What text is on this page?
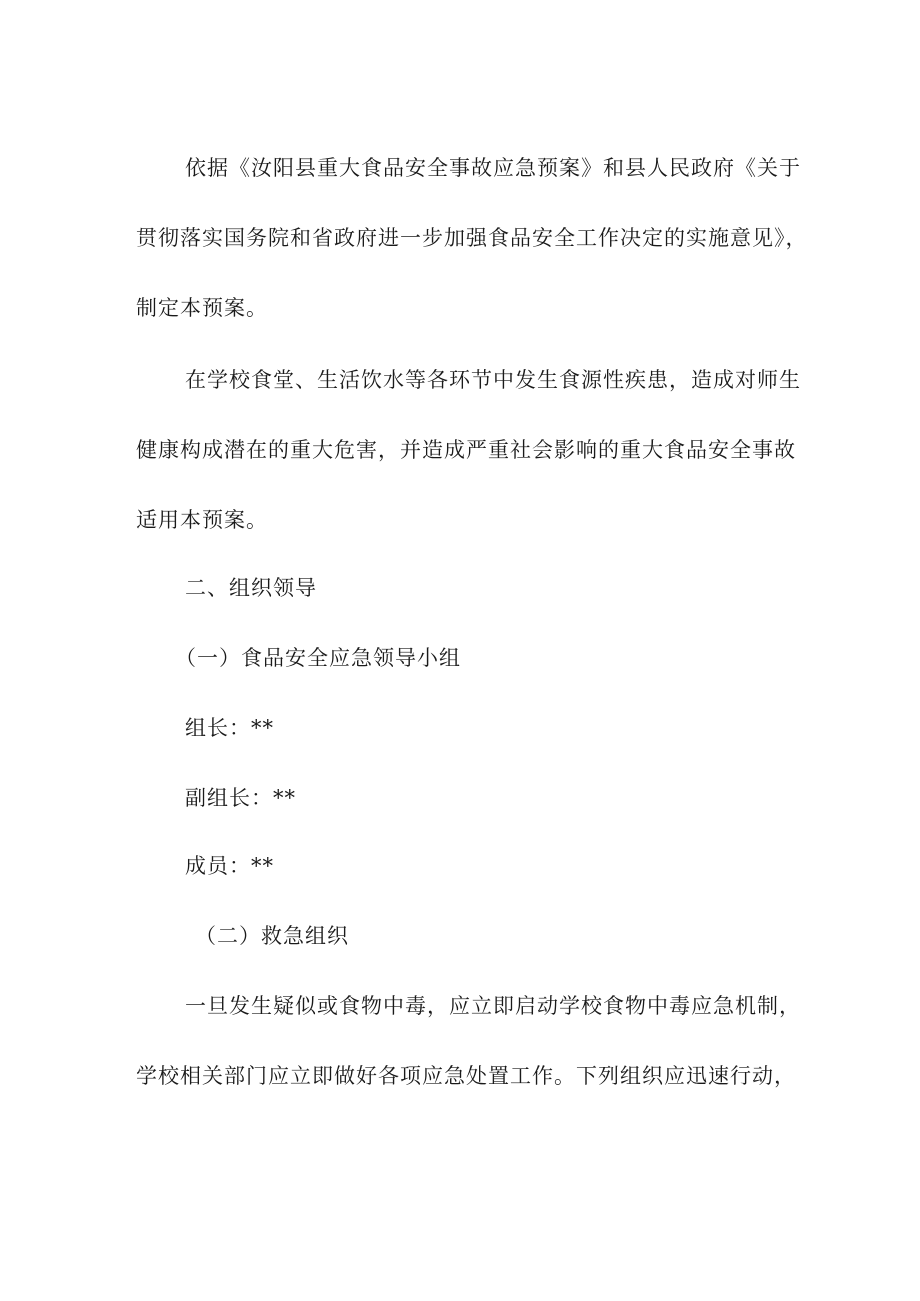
依据《汝阳县重大食品安全事故应急预案》和县人民政府《关于
贯彻落实国务院和省政府进一步加强食品安全工作决定的实施意见》，
制定本预案。
在学校食堂、生活饮水等各环节中发生食源性疾患，造成对师生
健康构成潜在的重大危害，并造成严重社会影响的重大食品安全事故
适用本预案。
二、组织领导
（一）食品安全应急领导小组
组长：**
副组长：**
成员：**
（二）救急组织
一旦发生疑似或食物中毒，应立即启动学校食物中毒应急机制，
学校相关部门应立即做好各项应急处置工作。下列组织应迅速行动，
